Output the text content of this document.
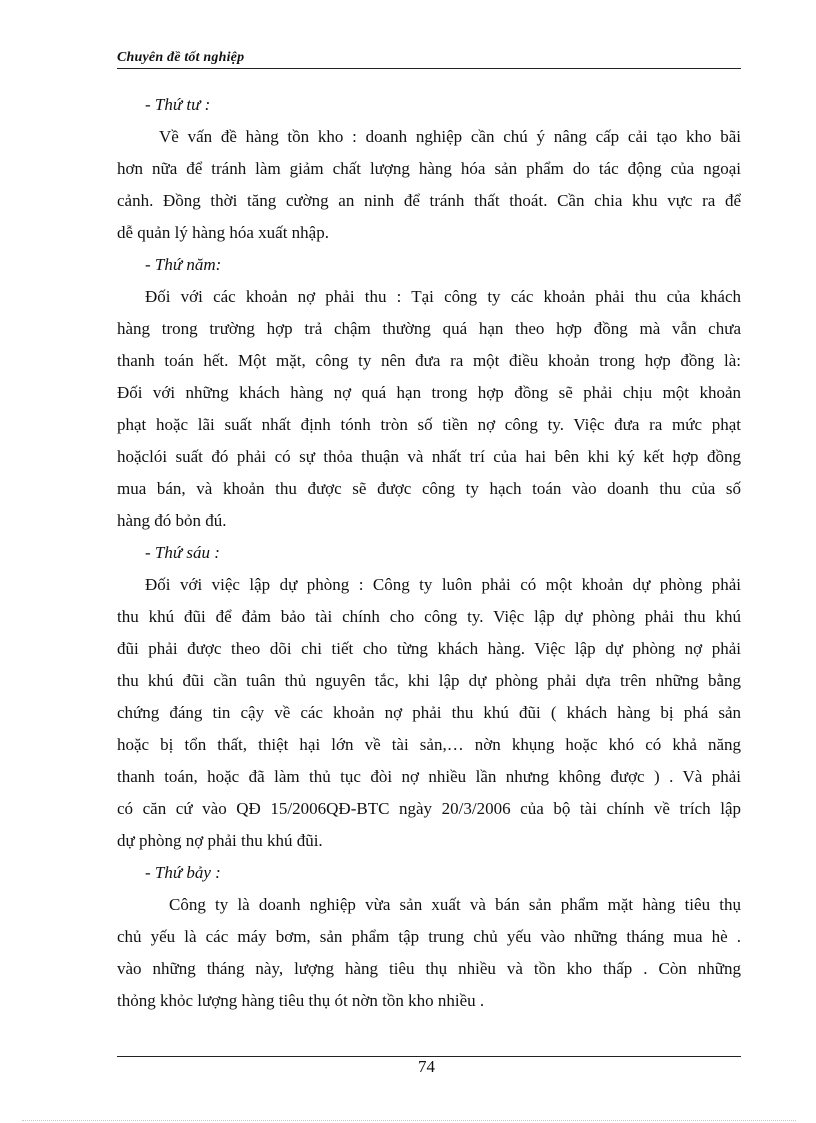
Chuyên đề tốt nghiệp
- Thứ tư :
Về vấn đề hàng tồn kho : doanh nghiệp cần chú ý nâng cấp cải tạo kho bãi
hơn nữa để tránh làm giảm chất lượng hàng hóa sản phẩm do tác động của ngoại
cảnh. Đồng thời tăng cường an ninh để tránh thất thoát. Cần chia khu vực ra để
dễ quản lý hàng hóa xuất nhập.
- Thứ năm:
Đối với các khoản nợ phải thu : Tại công ty các khoản phải thu của khách
hàng trong trường hợp trả chậm thường quá hạn theo hợp đồng mà vẫn chưa
thanh toán hết. Một mặt, công ty nên đưa ra một điều khoản trong hợp đồng là:
Đối với những khách hàng nợ quá hạn trong hợp đồng sẽ phải chịu một khoản
phạt hoặc lãi suất nhất định tónh tròn số tiền nợ công ty. Việc đưa ra mức phạt
hoặclói suất đó phải có sự thỏa thuận và nhất trí của hai bên khi ký kết hợp đồng
mua bán, và khoản thu được sẽ được công ty hạch toán vào doanh thu của số
hàng đó bỏn đú.
- Thứ sáu :
Đối với việc lập dự phòng : Công ty luôn phải có một khoản dự phòng phải
thu khú đũi để đảm bảo tài chính cho công ty. Việc lập dự phòng phải thu khú
đũi phải được theo dõi chi tiết cho từng khách hàng. Việc lập dự phòng nợ phải
thu khú đũi cần tuân thủ nguyên tắc, khi lập dự phòng phải dựa trên những bằng
chứng đáng tin cậy về các khoản nợ phải thu khú đũi ( khách hàng bị phá sản
hoặc bị tổn thất, thiệt hại lớn về tài sản,… nờn khụng hoặc khó có khả năng
thanh toán, hoặc đã làm thủ tục đòi nợ nhiều lần nhưng không được ) . Và phải
có căn cứ vào QĐ 15/2006QĐ-BTC ngày 20/3/2006 của bộ tài chính về trích lập
dự phòng nợ phải thu khú đũi.
- Thứ bảy :
Công ty là doanh nghiệp vừa sản xuất và bán sản phẩm mặt hàng tiêu thụ
chủ yếu là các máy bơm, sản phẩm tập trung chủ yếu vào những tháng mua hè .
vào những tháng này, lượng hàng tiêu thụ nhiều và tồn kho thấp . Còn những
thỏng khỏc lượng hàng tiêu thụ ót nờn tồn kho nhiều .
74
